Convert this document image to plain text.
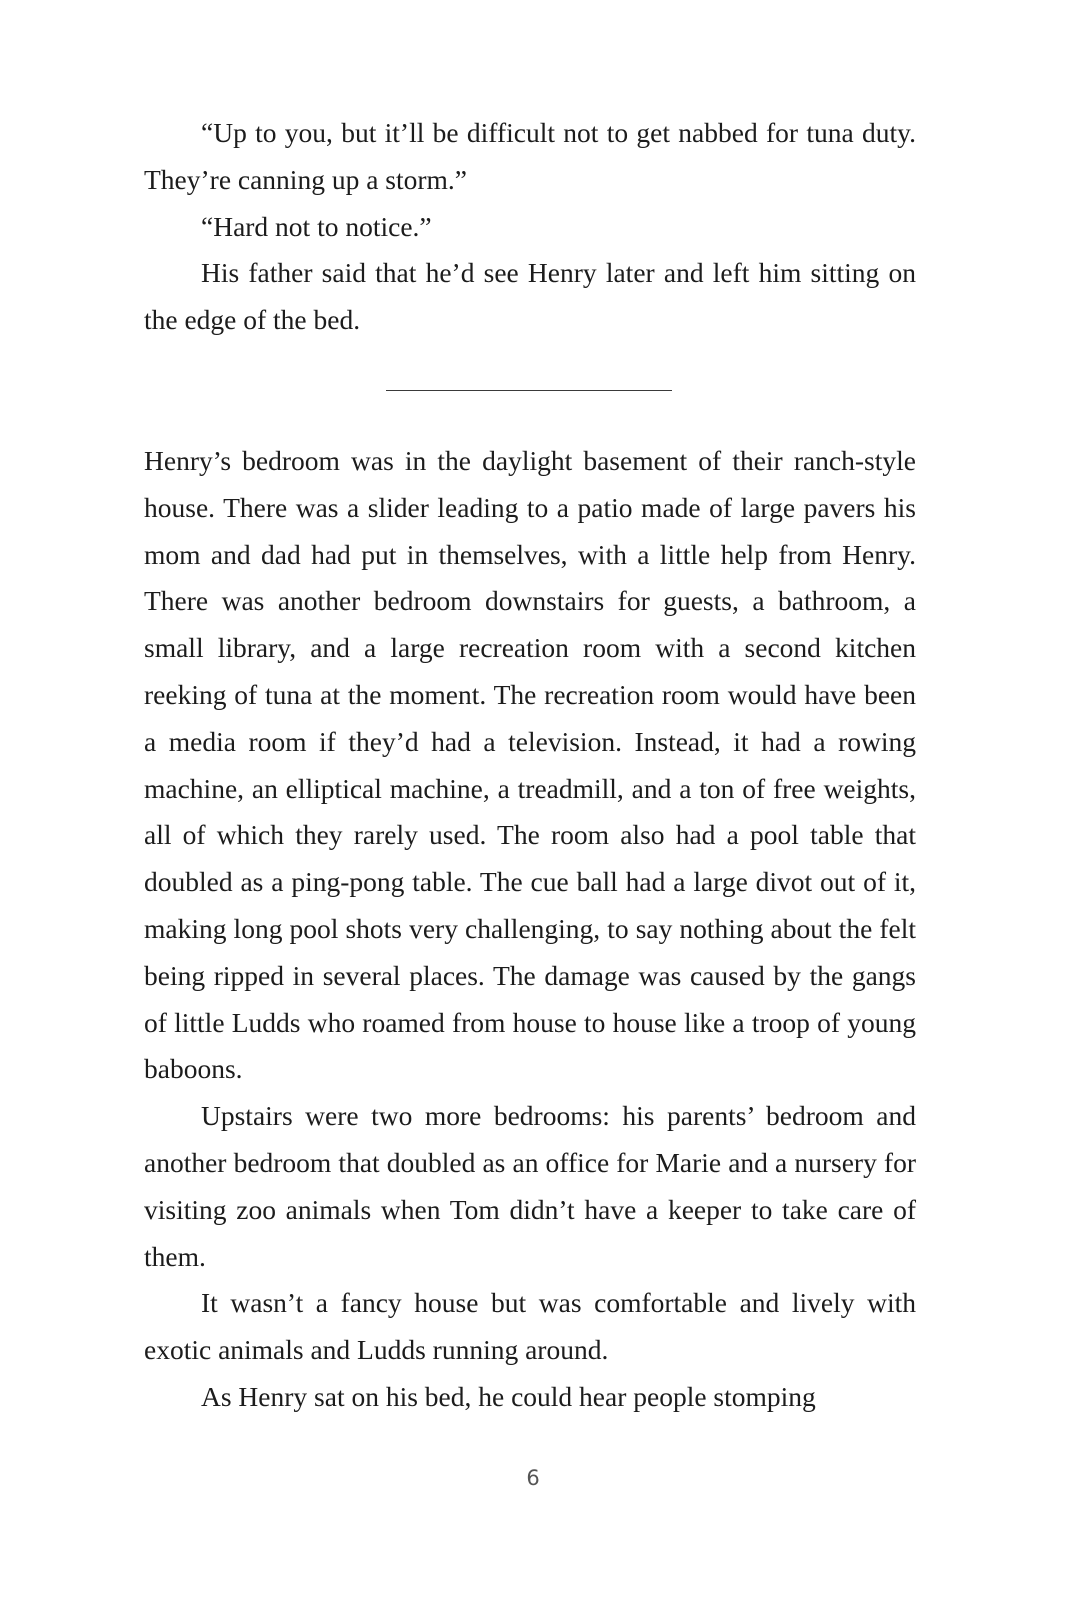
“Up to you, but it’ll be difficult not to get nabbed for tuna duty. They’re canning up a storm.”

“Hard not to notice.”

His father said that he’d see Henry later and left him sitting on the edge of the bed.

Henry’s bedroom was in the daylight basement of their ranch-style house. There was a slider leading to a patio made of large pavers his mom and dad had put in themselves, with a little help from Henry. There was another bedroom downstairs for guests, a bathroom, a small library, and a large recreation room with a second kitchen reeking of tuna at the moment. The recreation room would have been a media room if they’d had a television. Instead, it had a rowing machine, an elliptical machine, a treadmill, and a ton of free weights, all of which they rarely used. The room also had a pool table that doubled as a ping-pong table. The cue ball had a large divot out of it, making long pool shots very challenging, to say nothing about the felt being ripped in several places. The damage was caused by the gangs of little Ludds who roamed from house to house like a troop of young baboons.

Upstairs were two more bedrooms: his parents’ bedroom and another bedroom that doubled as an office for Marie and a nursery for visiting zoo animals when Tom didn’t have a keeper to take care of them.

It wasn’t a fancy house but was comfortable and lively with exotic animals and Ludds running around.

As Henry sat on his bed, he could hear people stomping

6
